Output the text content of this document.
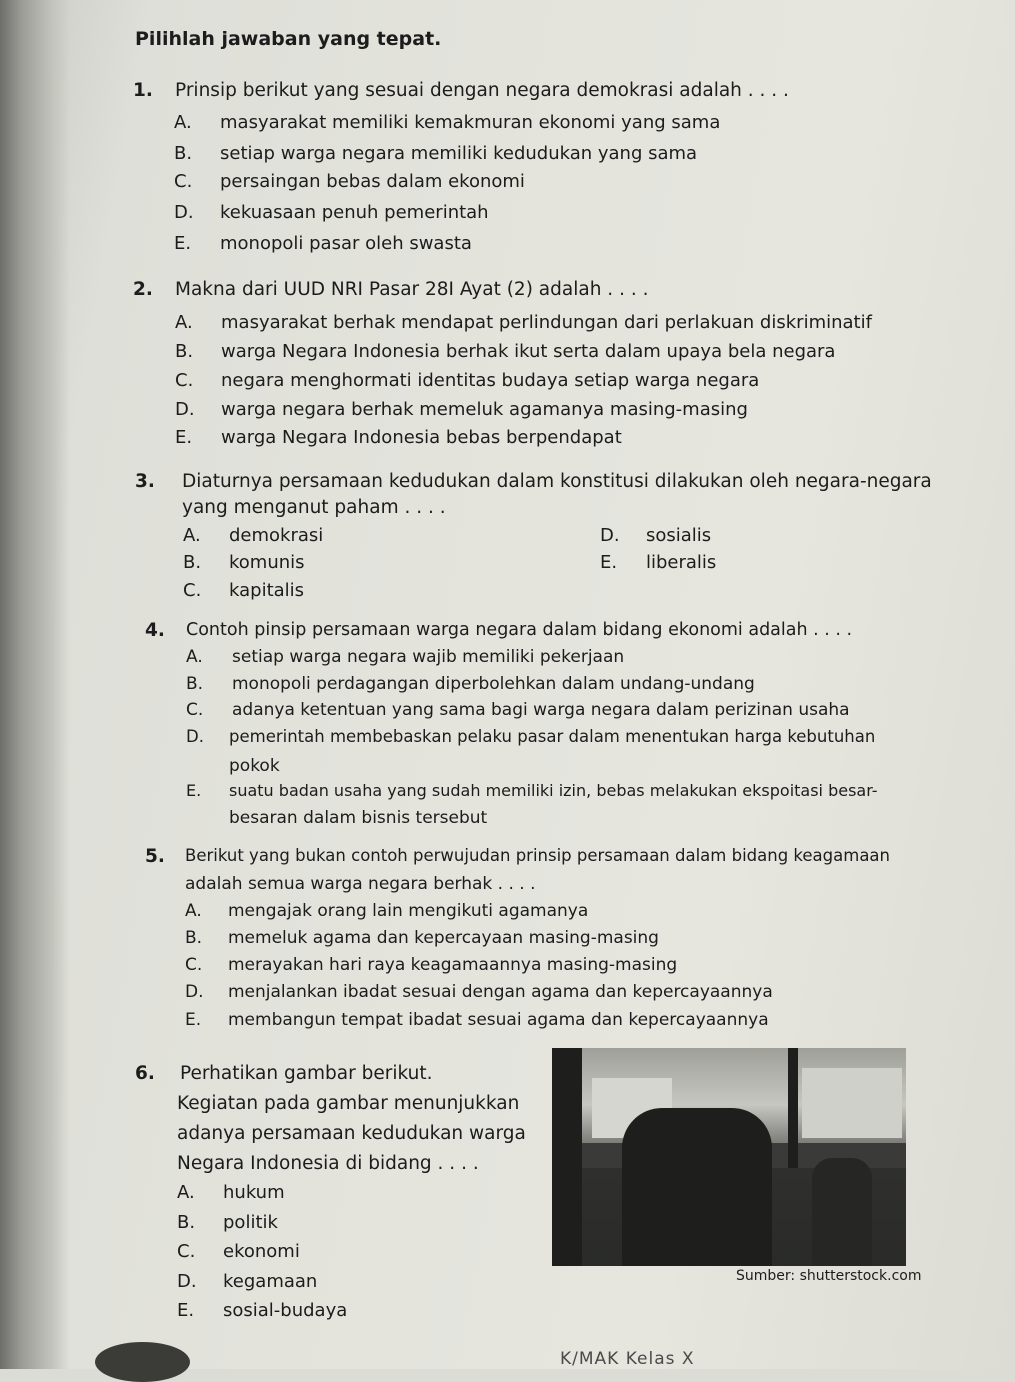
Pilihlah jawaban yang tepat.
1. Prinsip berikut yang sesuai dengan negara demokrasi adalah . . . .
A. masyarakat memiliki kemakmuran ekonomi yang sama
B. setiap warga negara memiliki kedudukan yang sama
C. persaingan bebas dalam ekonomi
D. kekuasaan penuh pemerintah
E. monopoli pasar oleh swasta
2. Makna dari UUD NRI Pasar 28I Ayat (2) adalah . . . .
A. masyarakat berhak mendapat perlindungan dari perlakuan diskriminatif
B. warga Negara Indonesia berhak ikut serta dalam upaya bela negara
C. negara menghormati identitas budaya setiap warga negara
D. warga negara berhak memeluk agamanya masing-masing
E. warga Negara Indonesia bebas berpendapat
3. Diaturnya persamaan kedudukan dalam konstitusi dilakukan oleh negara-negara
yang menganut paham . . . .
A. demokrasi
B. komunis
C. kapitalis
D. sosialis
E. liberalis
4. Contoh pinsip persamaan warga negara dalam bidang ekonomi adalah . . . .
A. setiap warga negara wajib memiliki pekerjaan
B. monopoli perdagangan diperbolehkan dalam undang-undang
C. adanya ketentuan yang sama bagi warga negara dalam perizinan usaha
D. pemerintah membebaskan pelaku pasar dalam menentukan harga kebutuhan
pokok
E. suatu badan usaha yang sudah memiliki izin, bebas melakukan ekspoitasi besar-
besaran dalam bisnis tersebut
5. Berikut yang bukan contoh perwujudan prinsip persamaan dalam bidang keagamaan
adalah semua warga negara berhak . . . .
A. mengajak orang lain mengikuti agamanya
B. memeluk agama dan kepercayaan masing-masing
C. merayakan hari raya keagamaannya masing-masing
D. menjalankan ibadat sesuai dengan agama dan kepercayaannya
E. membangun tempat ibadat sesuai agama dan kepercayaannya
6. Perhatikan gambar berikut.
Kegiatan pada gambar menunjukkan
adanya persamaan kedudukan warga
Negara Indonesia di bidang . . . .
A. hukum
B. politik
C. ekonomi
D. kegamaan
E. sosial-budaya
Sumber: shutterstock.com
K/MAK Kelas X
